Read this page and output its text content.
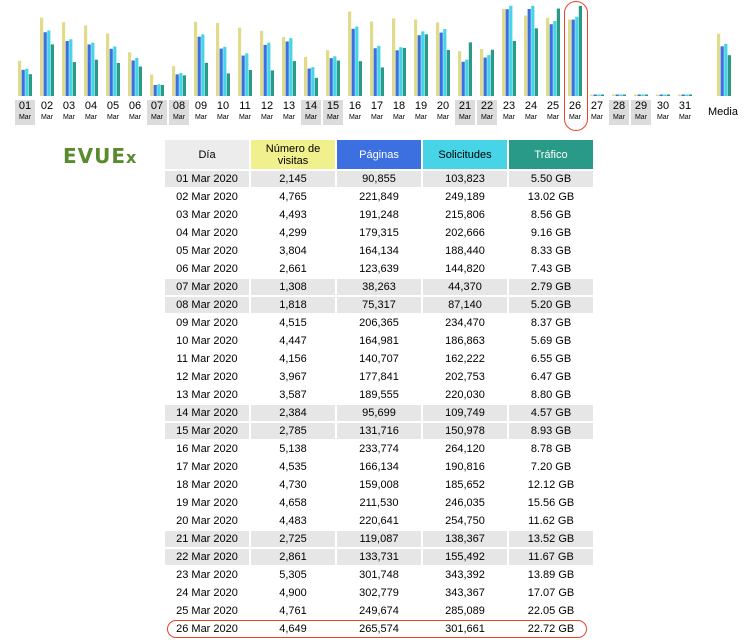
01
Mar
02
Mar
03
Mar
04
Mar
05
Mar
06
Mar
07
Mar
08
Mar
09
Mar
10
Mar
11
Mar
12
Mar
13
Mar
14
Mar
15
Mar
16
Mar
17
Mar
18
Mar
19
Mar
20
Mar
21
Mar
22
Mar
23
Mar
24
Mar
25
Mar
26
Mar
27
Mar
28
Mar
29
Mar
30
Mar
31
Mar	Media
EVUEx	Día	Número de visitas	Páginas	Solicitudes	Tráfico
01 Mar 2020	2,145	90,855	103,823	5.50 GB
02 Mar 2020	4,765	221,849	249,189	13.02 GB
03 Mar 2020	4,493	191,248	215,806	8.56 GB
04 Mar 2020	4,299	179,315	202,666	9.16 GB
05 Mar 2020	3,804	164,134	188,440	8.33 GB
06 Mar 2020	2,661	123,639	144,820	7.43 GB
07 Mar 2020	1,308	38,263	44,370	2.79 GB
08 Mar 2020	1,818	75,317	87,140	5.20 GB
09 Mar 2020	4,515	206,365	234,470	8.37 GB
10 Mar 2020	4,447	164,981	186,863	5.69 GB
11 Mar 2020	4,156	140,707	162,222	6.55 GB
12 Mar 2020	3,967	177,841	202,753	6.47 GB
13 Mar 2020	3,587	189,555	220,030	8.80 GB
14 Mar 2020	2,384	95,699	109,749	4.57 GB
15 Mar 2020	2,785	131,716	150,978	8.93 GB
16 Mar 2020	5,138	233,774	264,120	8.78 GB
17 Mar 2020	4,535	166,134	190,816	7.20 GB
18 Mar 2020	4,730	159,008	185,652	12.12 GB
19 Mar 2020	4,658	211,530	246,035	15.56 GB
20 Mar 2020	4,483	220,641	254,750	11.62 GB
21 Mar 2020	2,725	119,087	138,367	13.52 GB
22 Mar 2020	2,861	133,731	155,492	11.67 GB
23 Mar 2020	5,305	301,748	343,392	13.89 GB
24 Mar 2020	4,900	302,779	343,367	17.07 GB
25 Mar 2020	4,761	249,674	285,089	22.05 GB
26 Mar 2020	4,649	265,574	301,661	22.72 GB
